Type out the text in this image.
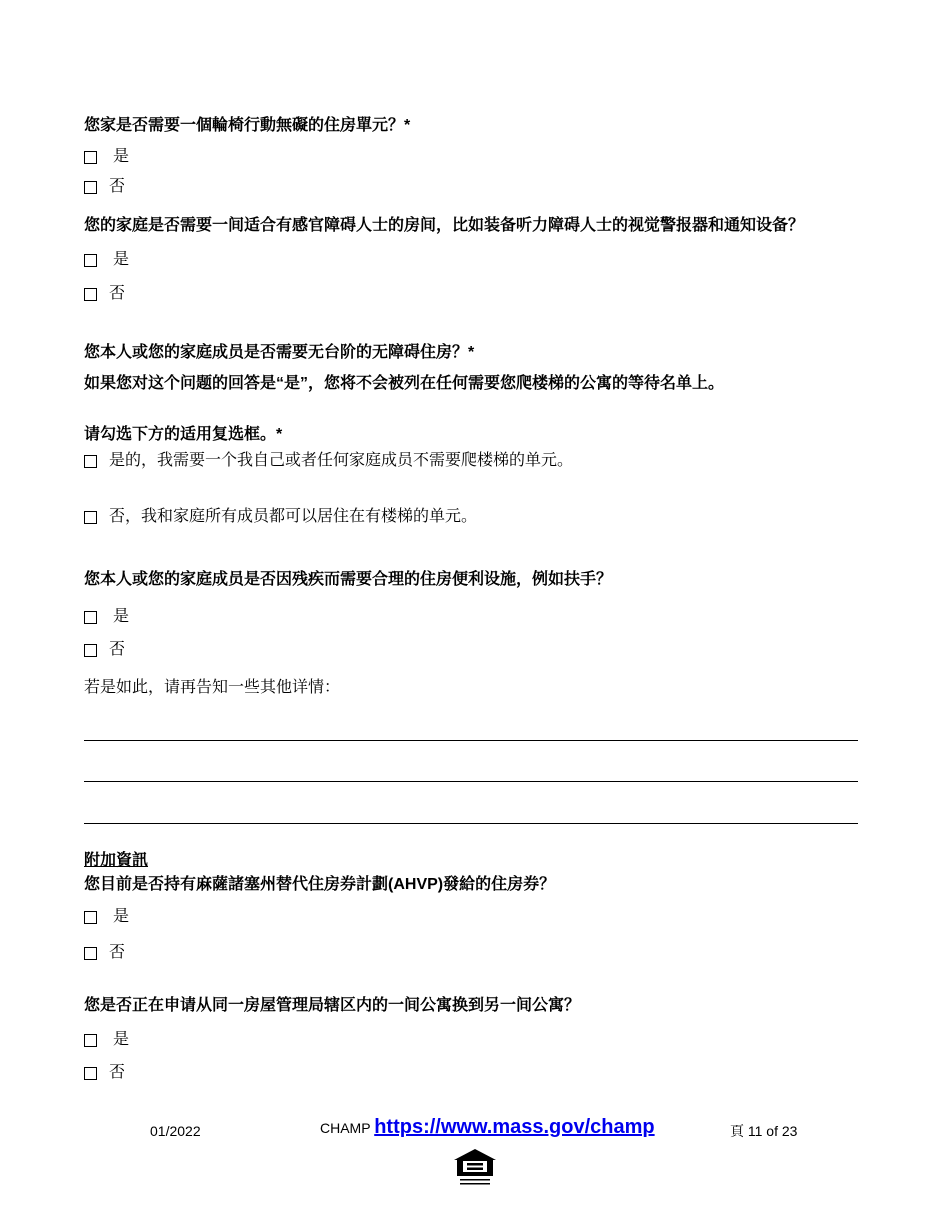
您家是否需要一個輪椅行動無礙的住房單元？*
是
否
您的家庭是否需要一间适合有感官障碍人士的房间，比如装备听力障碍人士的视觉警报器和通知设备？
是
否
您本人或您的家庭成员是否需要无台阶的无障碍住房？*
如果您对这个问题的回答是“是”，您将不会被列在任何需要您爬楼梯的公寓的等待名单上。
请勾选下方的适用复选框。*
是的，我需要一个我自己或者任何家庭成员不需要爬楼梯的单元。
否，我和家庭所有成员都可以居住在有楼梯的单元。
您本人或您的家庭成员是否因残疾而需要合理的住房便利设施，例如扶手？
是
否
若是如此，请再告知一些其他详情：
附加資訊
您目前是否持有麻薩諸塞州替代住房券計劃(AHVP)發給的住房券？
是
否
您是否正在申请从同一房屋管理局辖区内的一间公寓换到另一间公寓？
是
否
01/2022	CHAMP https://www.mass.gov/champ	頁 11 of 23
